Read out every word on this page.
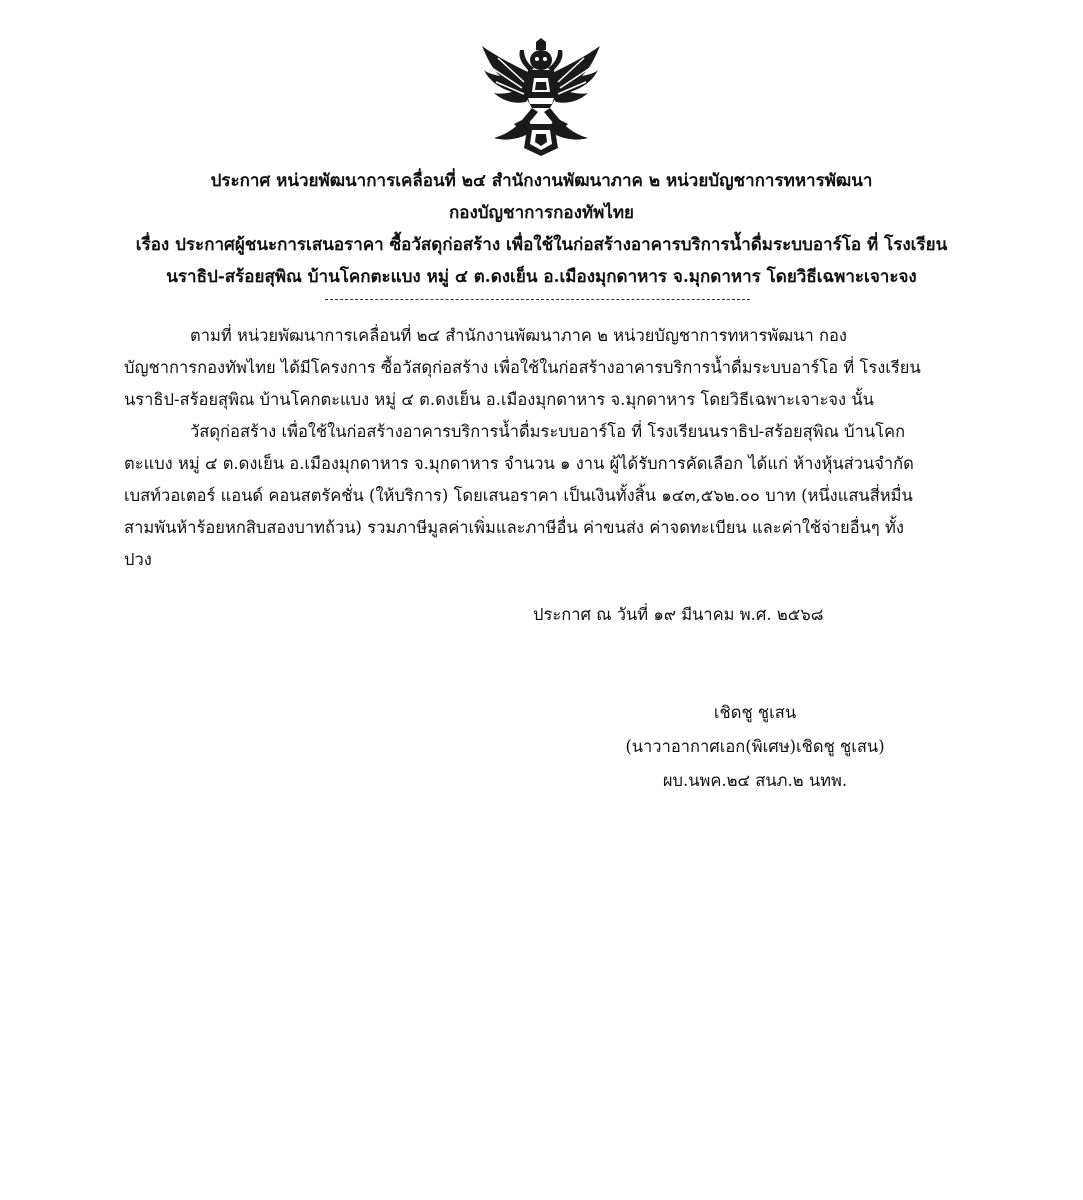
ประกาศ หน่วยพัฒนาการเคลื่อนที่ ๒๔ สำนักงานพัฒนาภาค ๒ หน่วยบัญชาการทหารพัฒนา
กองบัญชาการกองทัพไทย
เรื่อง ประกาศผู้ชนะการเสนอราคา ซื้อวัสดุก่อสร้าง เพื่อใช้ในก่อสร้างอาคารบริการน้ำดื่มระบบอาร์โอ ที่ โรงเรียน
นราธิป-สร้อยสุพิณ บ้านโคกตะแบง หมู่ ๔ ต.ดงเย็น อ.เมืองมุกดาหาร จ.มุกดาหาร โดยวิธีเฉพาะเจาะจง
ตามที่ หน่วยพัฒนาการเคลื่อนที่ ๒๔ สำนักงานพัฒนาภาค ๒ หน่วยบัญชาการทหารพัฒนา กอง
บัญชาการกองทัพไทย ได้มีโครงการ ซื้อวัสดุก่อสร้าง เพื่อใช้ในก่อสร้างอาคารบริการน้ำดื่มระบบอาร์โอ ที่ โรงเรียน
นราธิป-สร้อยสุพิณ บ้านโคกตะแบง หมู่ ๔ ต.ดงเย็น อ.เมืองมุกดาหาร จ.มุกดาหาร โดยวิธีเฉพาะเจาะจง นั้น
วัสดุก่อสร้าง เพื่อใช้ในก่อสร้างอาคารบริการน้ำดื่มระบบอาร์โอ ที่ โรงเรียนนราธิป-สร้อยสุพิณ บ้านโคก
ตะแบง หมู่ ๔ ต.ดงเย็น อ.เมืองมุกดาหาร จ.มุกดาหาร จำนวน ๑ งาน ผู้ได้รับการคัดเลือก ได้แก่ ห้างหุ้นส่วนจำกัด
เบสท์วอเตอร์ แอนด์ คอนสตรัคชั่น (ให้บริการ) โดยเสนอราคา เป็นเงินทั้งสิ้น ๑๔๓,๕๖๒.๐๐ บาท (หนึ่งแสนสี่หมื่น
สามพันห้าร้อยหกสิบสองบาทถ้วน) รวมภาษีมูลค่าเพิ่มและภาษีอื่น ค่าขนส่ง ค่าจดทะเบียน และค่าใช้จ่ายอื่นๆ ทั้ง
ปวง
ประกาศ ณ วันที่ ๑๙ มีนาคม พ.ศ. ๒๕๖๘
เชิดชู ชูเสน
(นาวาอากาศเอก(พิเศษ)เชิดชู ชูเสน)
ผบ.นพค.๒๔ สนภ.๒ นทพ.
